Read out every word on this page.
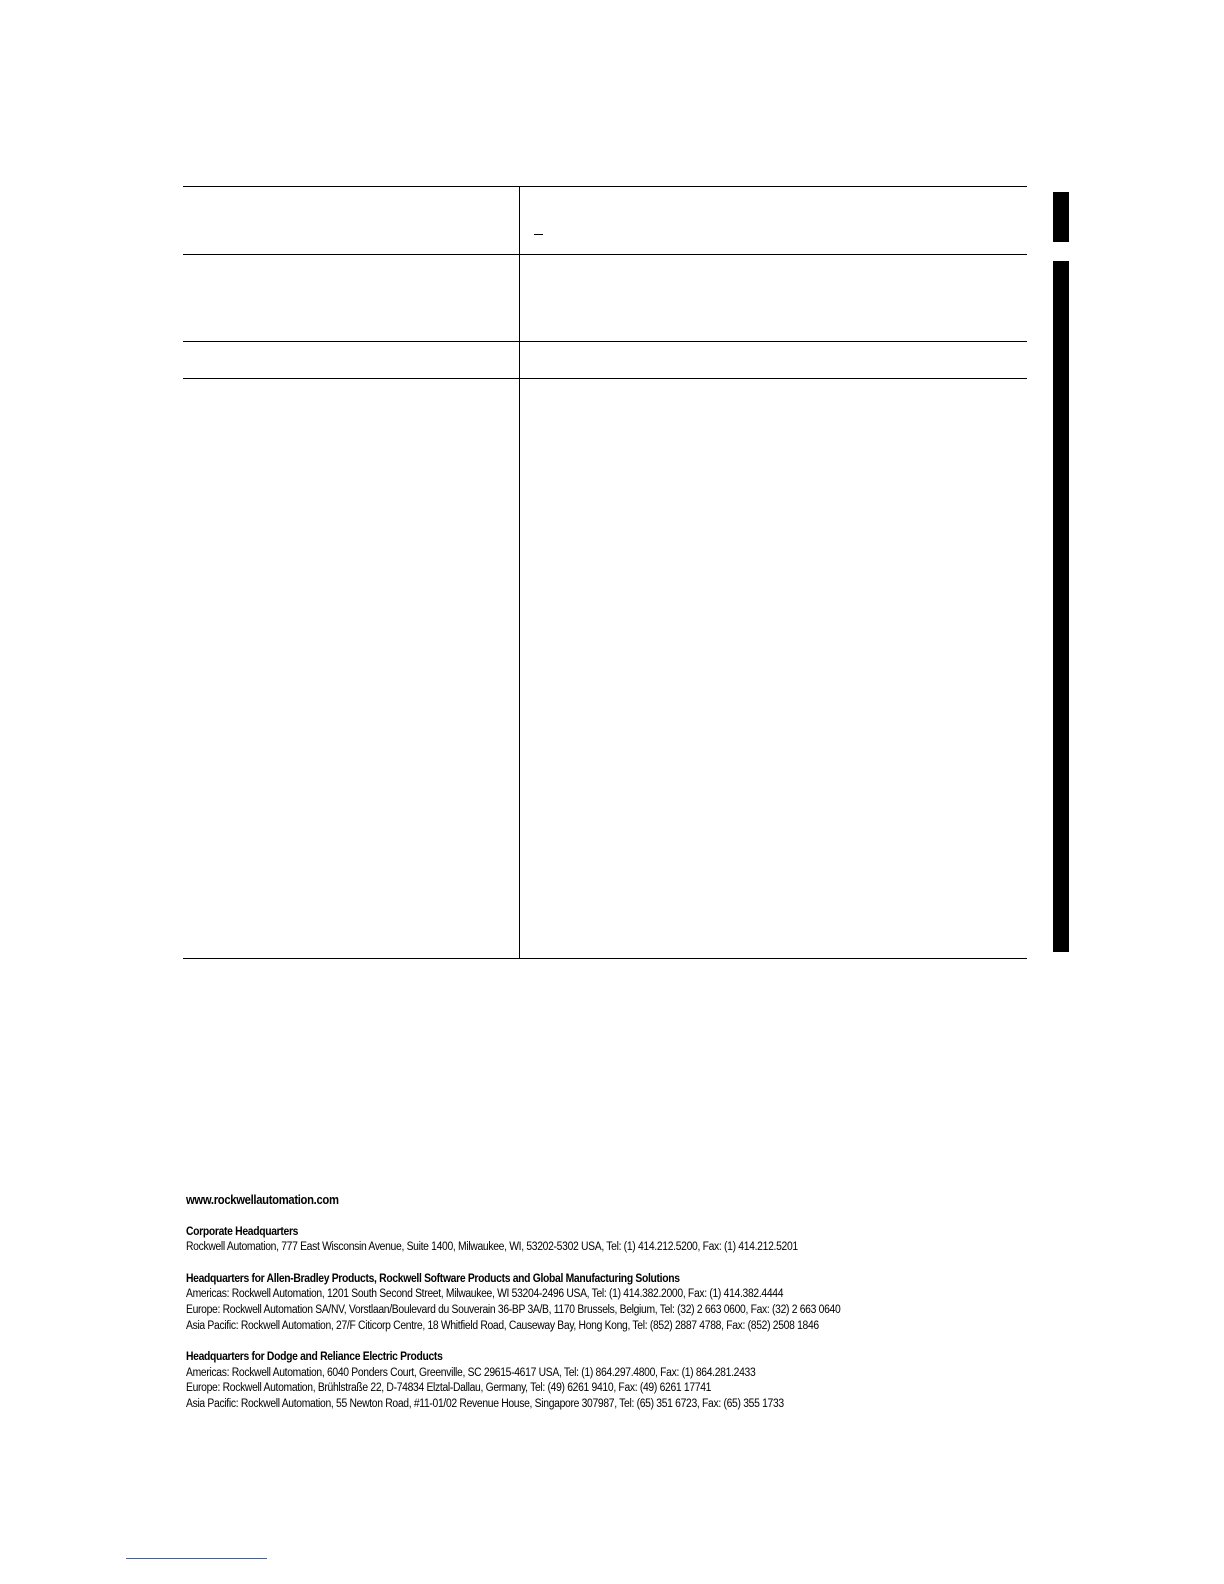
www.rockwellautomation.com
Corporate Headquarters
Rockwell Automation, 777 East Wisconsin Avenue, Suite 1400, Milwaukee, WI, 53202-5302 USA, Tel: (1) 414.212.5200, Fax: (1) 414.212.5201
Headquarters for Allen-Bradley Products, Rockwell Software Products and Global Manufacturing Solutions
Americas: Rockwell Automation, 1201 South Second Street, Milwaukee, WI 53204-2496 USA, Tel: (1) 414.382.2000, Fax: (1) 414.382.4444
Europe: Rockwell Automation SA/NV, Vorstlaan/Boulevard du Souverain 36-BP 3A/B, 1170 Brussels, Belgium, Tel: (32) 2 663 0600, Fax: (32) 2 663 0640
Asia Pacific: Rockwell Automation, 27/F Citicorp Centre, 18 Whitfield Road, Causeway Bay, Hong Kong, Tel: (852) 2887 4788, Fax: (852) 2508 1846
Headquarters for Dodge and Reliance Electric Products
Americas: Rockwell Automation, 6040 Ponders Court, Greenville, SC 29615-4617 USA, Tel: (1) 864.297.4800, Fax: (1) 864.281.2433
Europe: Rockwell Automation, Brühlstraße 22, D-74834 Elztal-Dallau, Germany, Tel: (49) 6261 9410, Fax: (49) 6261 17741
Asia Pacific: Rockwell Automation, 55 Newton Road, #11-01/02 Revenue House, Singapore 307987, Tel: (65) 351 6723, Fax: (65) 355 1733
